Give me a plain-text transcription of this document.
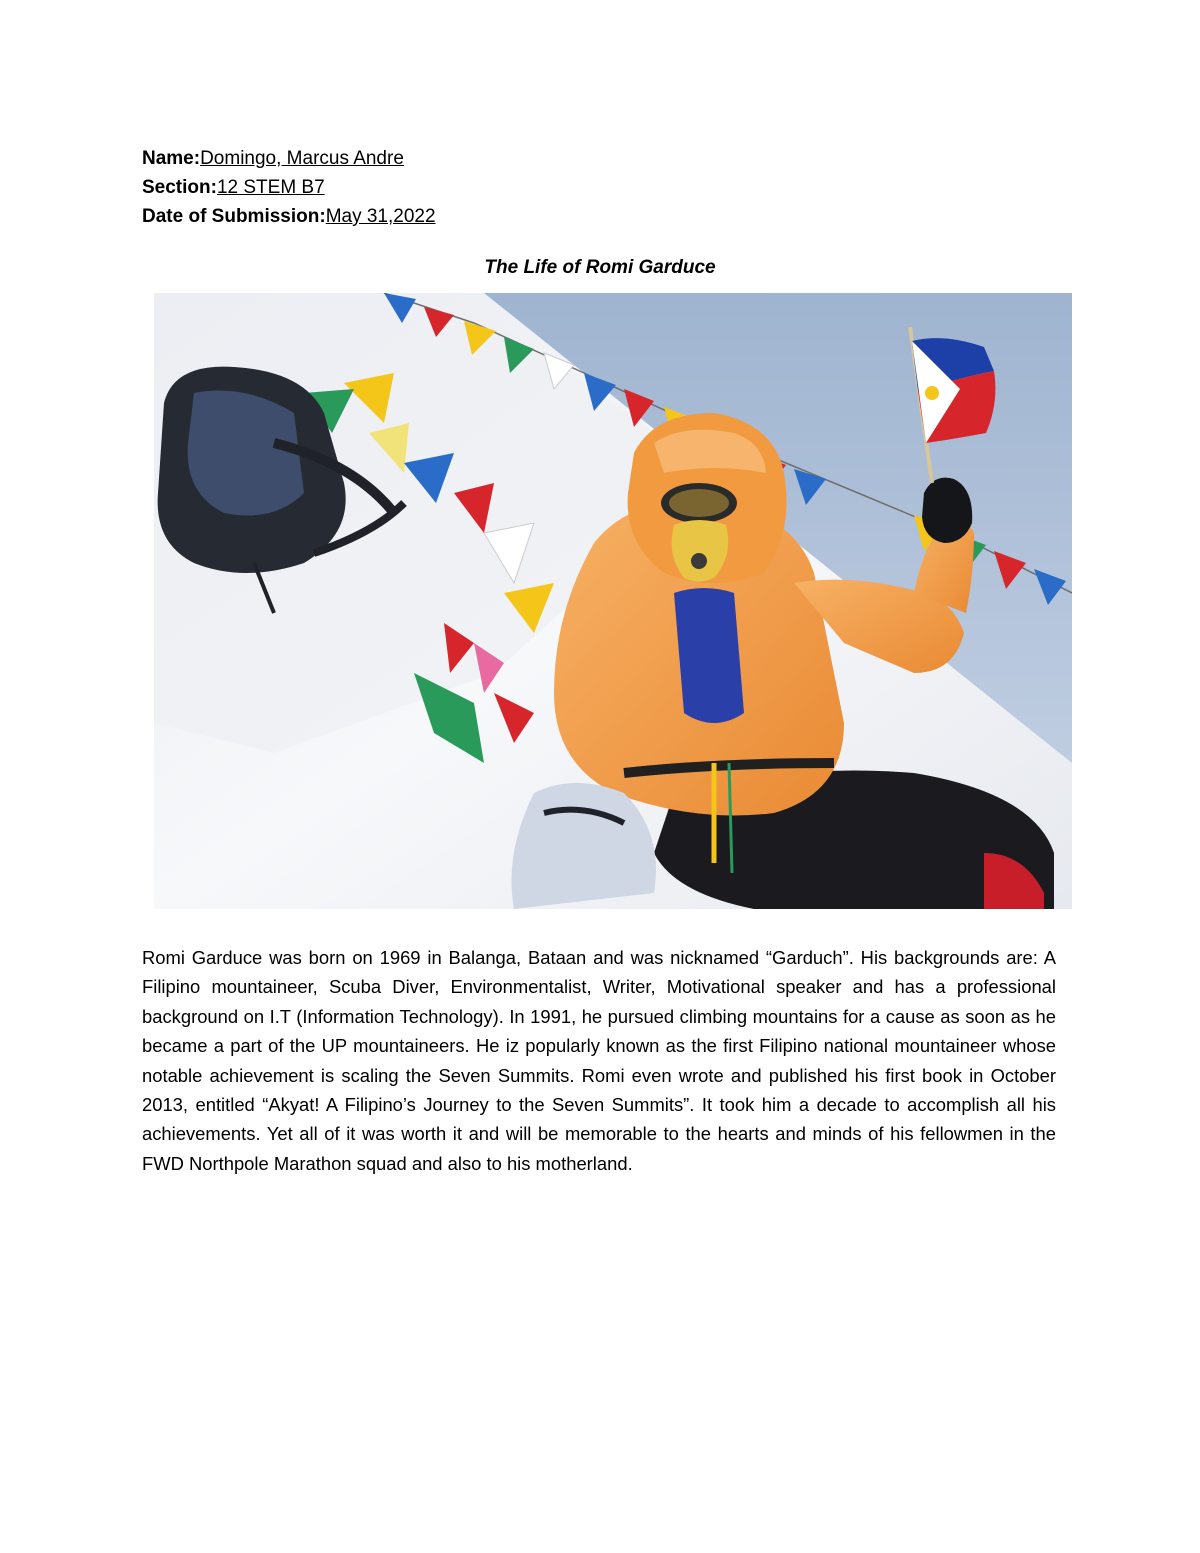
Name:Domingo, Marcus Andre
Section:12 STEM B7
Date of Submission:May 31,2022
The Life of Romi Garduce

Romi Garduce was born on 1969 in Balanga, Bataan and was nicknamed “Garduch”. His backgrounds are: A Filipino mountaineer, Scuba Diver, Environmentalist, Writer, Motivational speaker and has a professional background on I.T (Information Technology). In 1991, he pursued climbing mountains for a cause as soon as he became a part of the UP mountaineers. He iz popularly known as the first Filipino national mountaineer whose notable achievement is scaling the Seven Summits. Romi even wrote and published his first book in October 2013, entitled “Akyat! A Filipino’s Journey to the Seven Summits”. It took him a decade to accomplish all his achievements. Yet all of it was worth it and will be memorable to the hearts and minds of his fellowmen in the FWD Northpole Marathon squad and also to his motherland.
